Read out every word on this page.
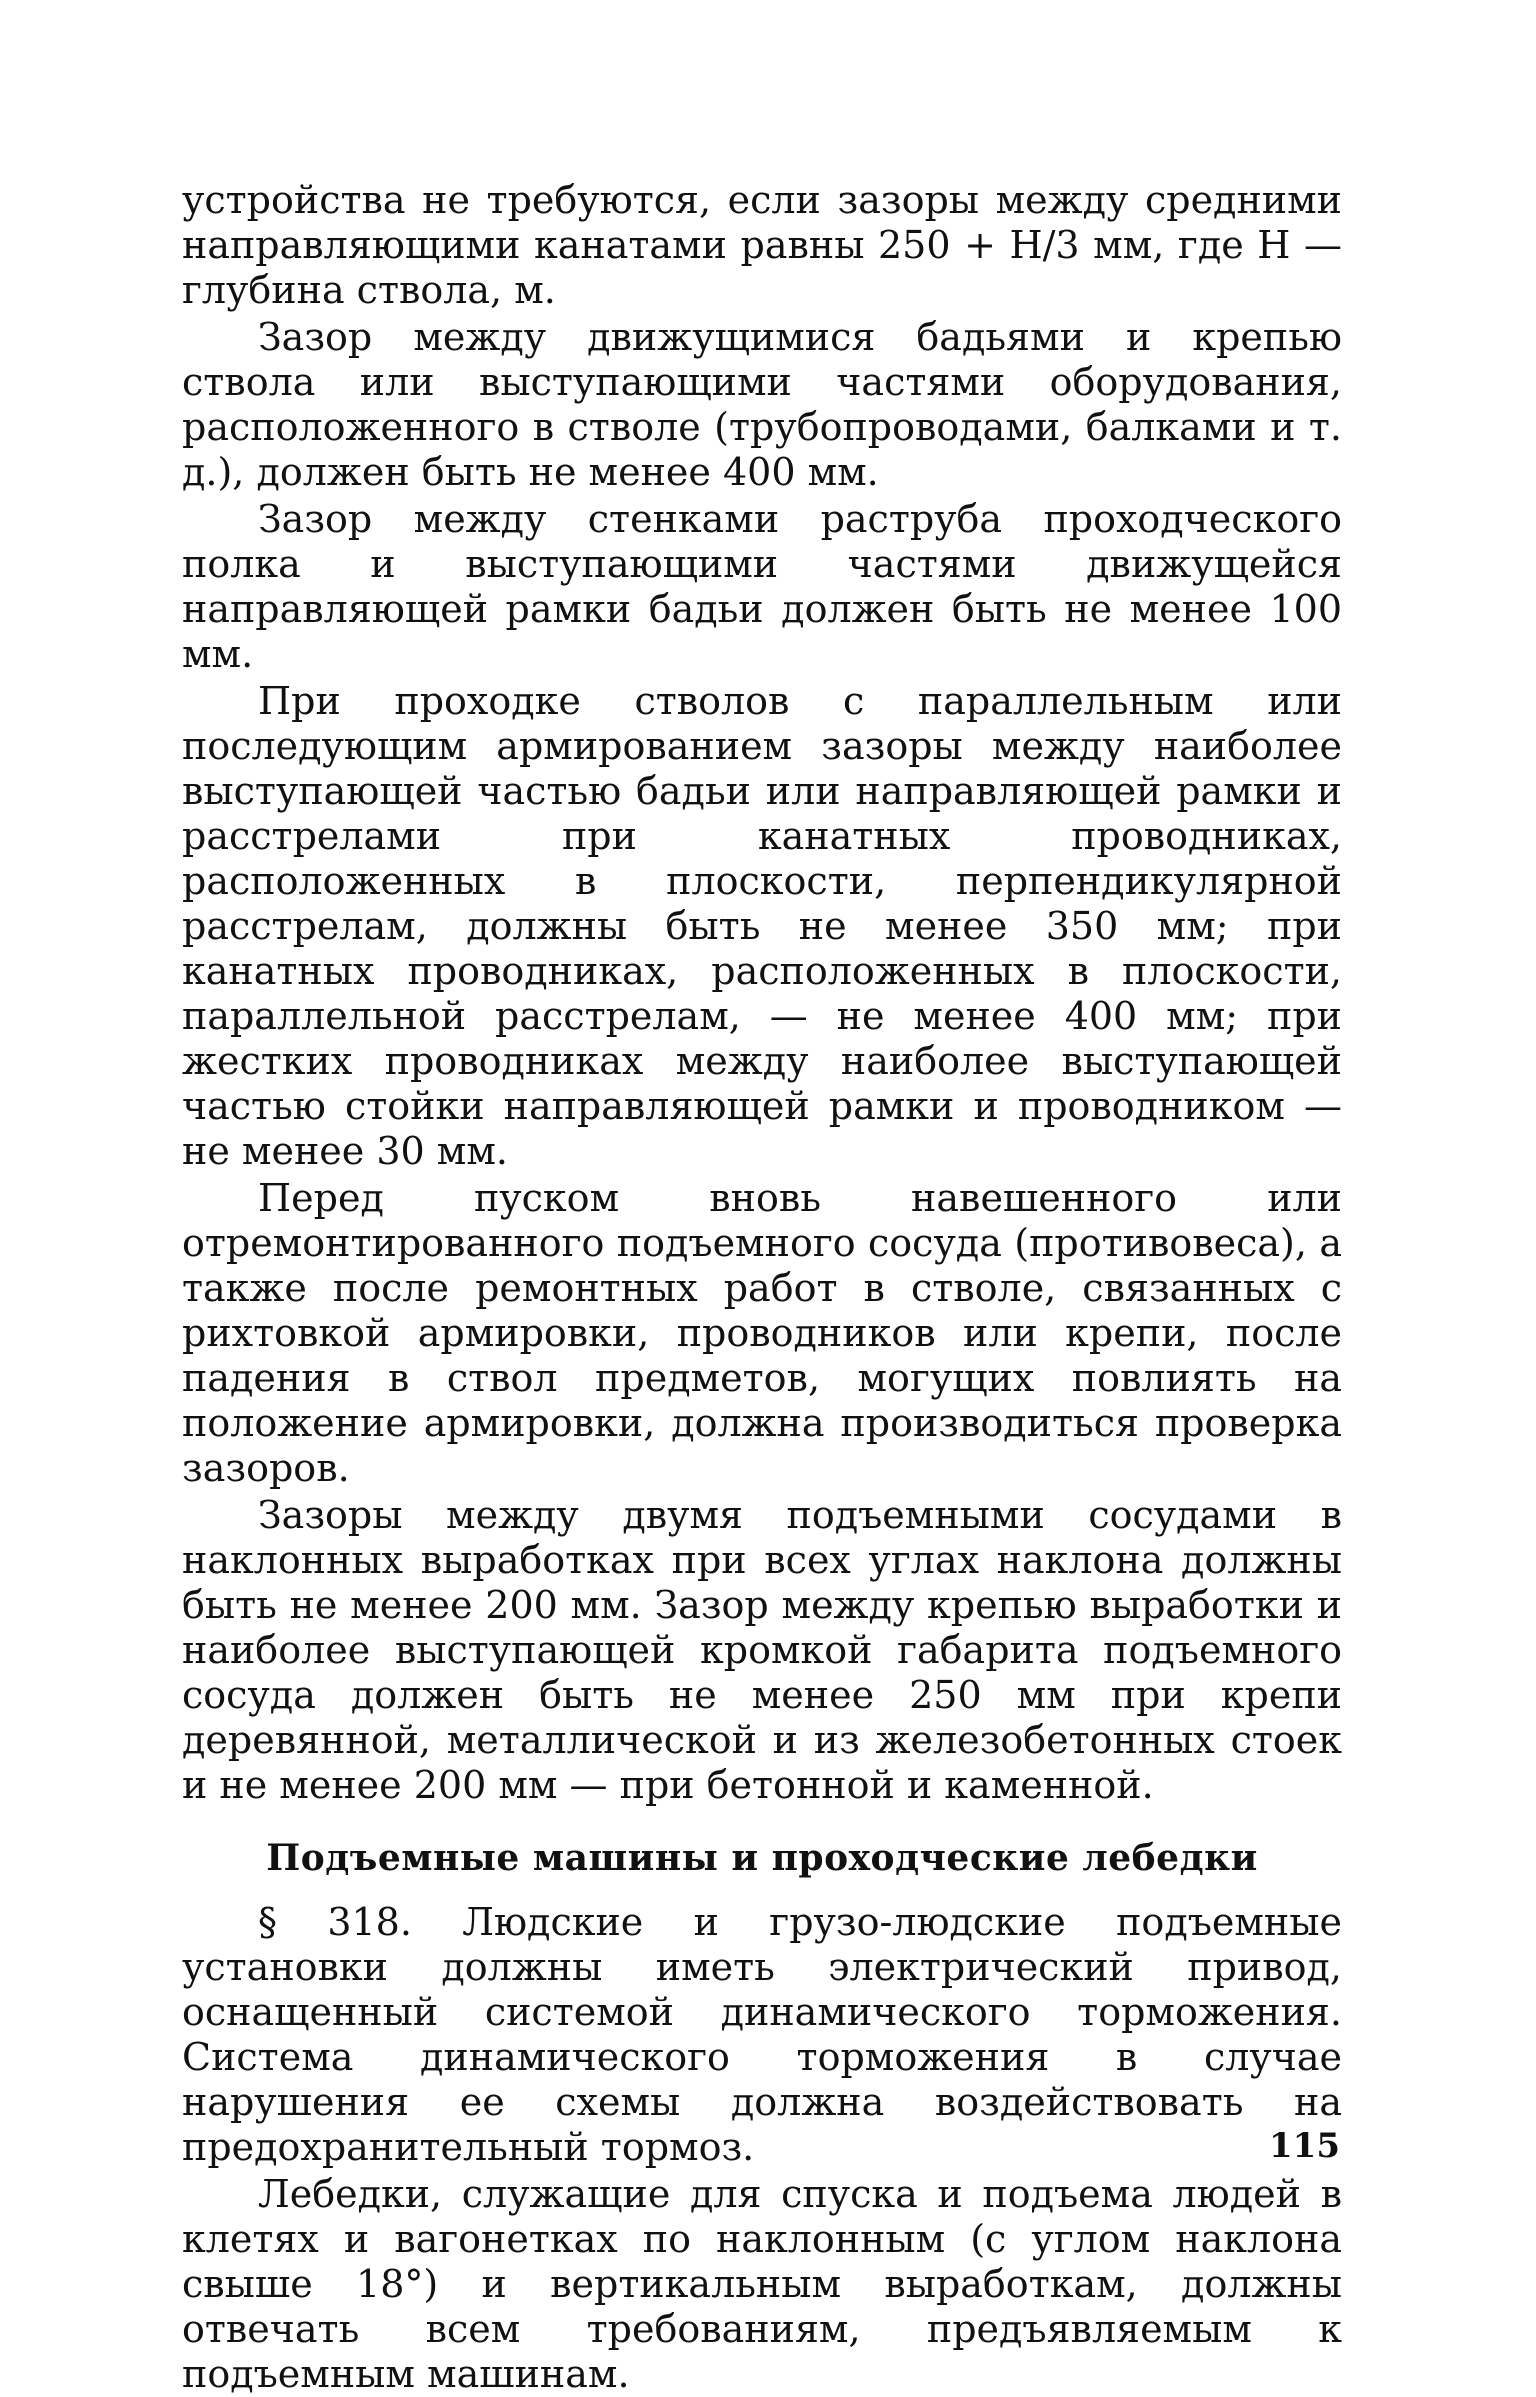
устройства не требуются, если зазоры между средними направляющими канатами равны 250 + H/3 мм, где H — глубина ствола, м.

Зазор между движущимися бадьями и крепью ствола или выступающими частями оборудования, расположенного в стволе (трубопроводами, балками и т. д.), должен быть не менее 400 мм.

Зазор между стенками раструба проходческого полка и выступающими частями движущейся направляющей рамки бадьи должен быть не менее 100 мм.

При проходке стволов с параллельным или последующим армированием зазоры между наиболее выступающей частью бадьи или направляющей рамки и расстрелами при канатных проводниках, расположенных в плоскости, перпендикулярной расстрелам, должны быть не менее 350 мм; при канатных проводниках, расположенных в плоскости, параллельной расстрелам, — не менее 400 мм; при жестких проводниках между наиболее выступающей частью стойки направляющей рамки и проводником — не менее 30 мм.

Перед пуском вновь навешенного или отремонтированного подъемного сосуда (противовеса), а также после ремонтных работ в стволе, связанных с рихтовкой армировки, проводников или крепи, после падения в ствол предметов, могущих повлиять на положение армировки, должна производиться проверка зазоров.

Зазоры между двумя подъемными сосудами в наклонных выработках при всех углах наклона должны быть не менее 200 мм. Зазор между крепью выработки и наиболее выступающей кромкой габарита подъемного сосуда должен быть не менее 250 мм при крепи деревянной, металлической и из железобетонных стоек и не менее 200 мм — при бетонной и каменной.

Подъемные машины и проходческие лебедки

§ 318. Людские и грузо-людские подъемные установки должны иметь электрический привод, оснащенный системой динамического торможения. Система динамического торможения в случае нарушения ее схемы должна воздействовать на предохранительный тормоз.

Лебедки, служащие для спуска и подъема людей в клетях и вагонетках по наклонным (с углом наклона свыше 18°) и вертикальным выработкам, должны отвечать всем требованиям, предъявляемым к подъемным машинам.

115
